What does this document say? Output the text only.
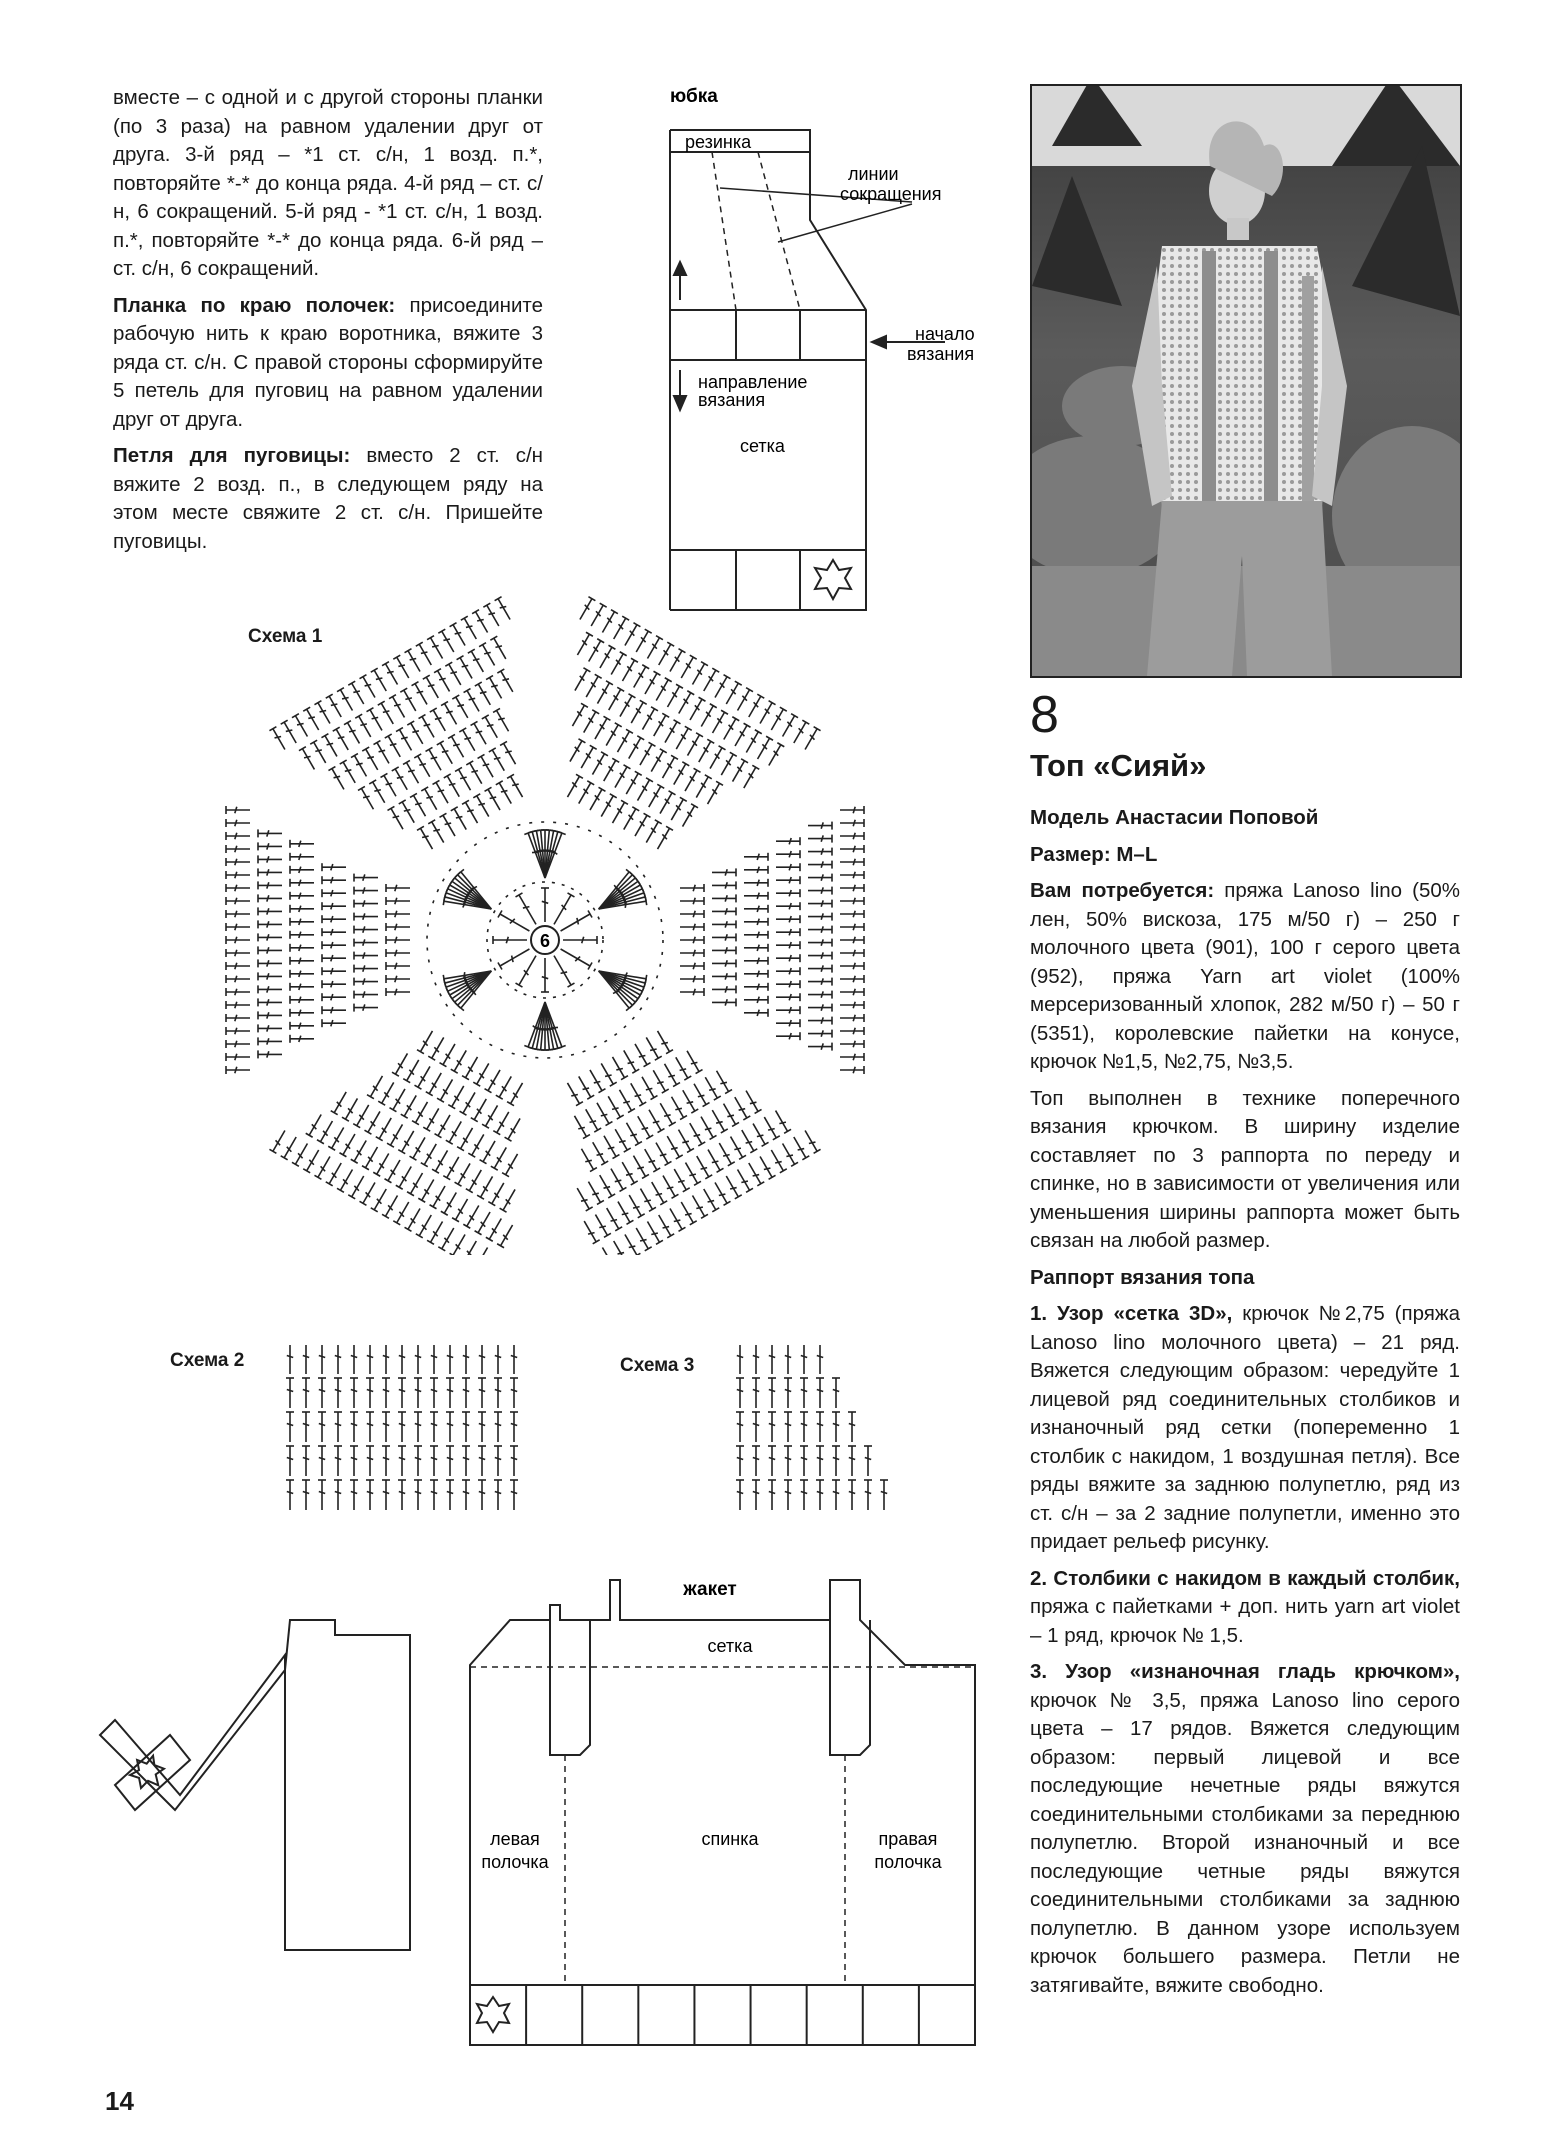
вместе – с одной и с другой стороны планки (по 3 раза) на равном удалении друг от друга. 3-й ряд – *1 ст. с/н, 1 возд. п.*, повторяйте *-* до конца ряда. 4-й ряд – ст. с/н, 6 сокращений. 5-й ряд - *1 ст. с/н, 1 возд. п.*, повторяйте *-* до конца ряда. 6-й ряд – ст. с/н, 6 сокращений.

Планка по краю полочек: присоедините рабочую нить к краю воротника, вяжите 3 ряда ст. с/н. С правой стороны сформируйте 5 петель для пуговиц на равном удалении друг от друга.

Петля для пуговицы: вместо 2 ст. с/н вяжите 2 возд. п., в следующем ряду на этом месте свяжите 2 ст. с/н. Пришейте пуговицы.

юбка
резинка
линии
сокращения
начало
вязания
направление
вязания
сетка
Схема 1
6
Схема 2	Схема 3
жакет
сетка
левая
полочка
спинка	правая
полочка
14
8
Топ «Сияй»

Модель Анастасии Поповой

Размер: M–L

Вам потребуется: пряжа Lanoso lino (50% лен, 50% вискоза, 175 м/50 г) – 250 г молочного цвета (901), 100 г серого цвета (952), пряжа Yarn art violet (100% мерсеризованный хлопок, 282 м/50 г) – 50 г (5351), королевские пайетки на конусе, крючок №1,5, №2,75, №3,5.

Топ выполнен в технике поперечного вязания крючком. В ширину изделие составляет по 3 раппорта по переду и спинке, но в зависимости от увеличения или уменьшения ширины раппорта может быть связан на любой размер.

Раппорт вязания топа

1. Узор «сетка 3D», крючок №2,75 (пряжа Lanoso lino молочного цвета) – 21 ряд. Вяжется следующим образом: чередуйте 1 лицевой ряд соединительных столбиков и изнаночный ряд сетки (попеременно 1 столбик с накидом, 1 воздушная петля). Все ряды вяжите за заднюю полупетлю, ряд из ст. с/н – за 2 задние полупетли, именно это придает рельеф рисунку.

2. Столбики с накидом в каждый столбик, пряжа с пайетками + доп. нить yarn art violet – 1 ряд, крючок № 1,5.

3. Узор «изнаночная гладь крючком», крючок № 3,5, пряжа Lanoso lino серого цвета – 17 рядов. Вяжется следующим образом: первый лицевой и все последующие нечетные ряды вяжутся соединительными столбиками за переднюю полупетлю. Второй изнаночный и все последующие четные ряды вяжутся соединительными столбиками за заднюю полупетлю. В данном узоре используем крючок большего размера. Петли не затягивайте, вяжите свободно.
